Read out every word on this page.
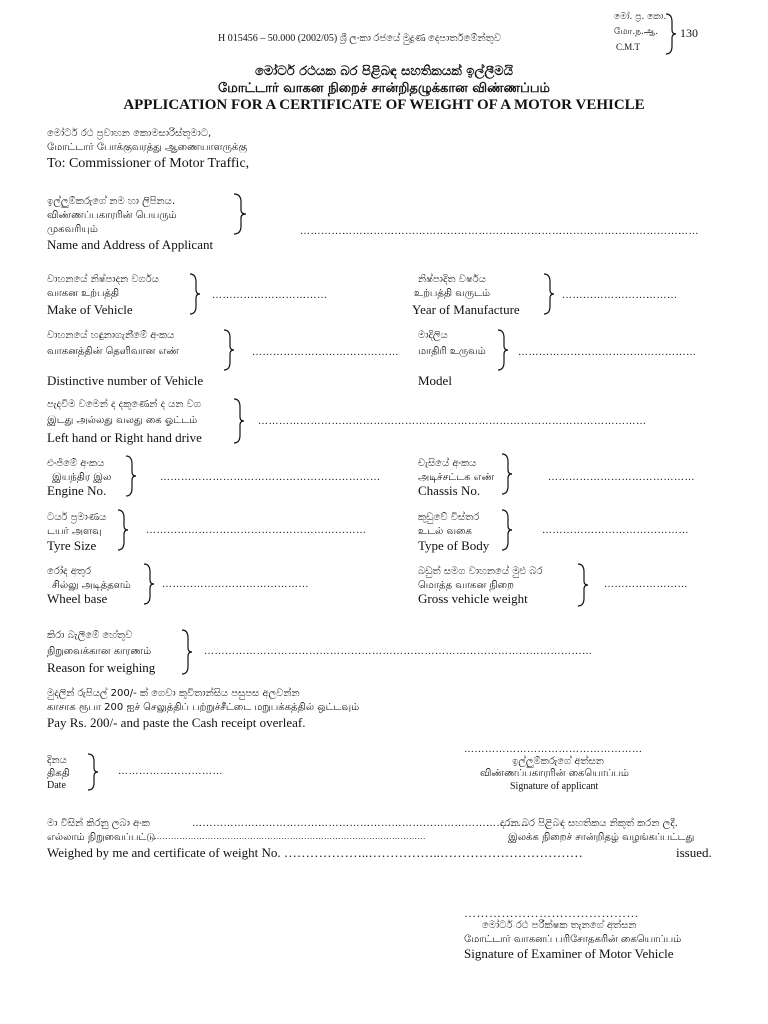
H 015456 – 50.000 (2002/05) ශ්‍රී ලංකා රජයේ මුද්‍රණ දෙපාර්තමේන්තුව
මෝ. ප්‍ර. කො.
மோ.ந.ஆ.
C.M.T
130
මෝටර් රථයක බර පිළිබඳ සහතිකයක් ඉල්ලීමයි
மோட்டார் வாகன நிறைச் சான்றிதழுக்கான விண்ணப்பம்
APPLICATION FOR A CERTIFICATE OF WEIGHT OF A MOTOR VEHICLE
මෝටර් රථ ප්‍රවාහන කොමසාරිස්තුමාට,
மோட்டார் போக்குவரத்து ஆணையாளருக்கு
To: Commissioner of Motor Traffic,
ඉල්ලුම්කරුගේ නම හා ලිපිනය.
விண்ணப்பகாரரின் பெயரும்
முகவரியும்
Name and Address of Applicant
……………………………………………………………………………………………………
වාහනයේ නිෂ්පාදන වර්ගය
வாகன உற்பத்தி
Make of Vehicle
……………………………
නිෂ්පාදිත වර්ෂය
உற்பத்தி வருடம்
Year of Manufacture
……………………………
වාහනයේ හඳුනාගැනීමේ අංකය
வாகனத்தின் தெளிவான எண்
Distinctive number of Vehicle
……………………………………
මාදිලිය
மாதிரி உருவம்
Model
……………………………………………
පැදවීම වමෙන් ද දකුණෙන් ද යන වග
இடது அல்லது வலது கை ஓட்டம்
Left hand or Right hand drive
…………………………………………………………………………………………………
එංජිමේ අංකය
இயந்திர இல
Engine No.
………………………………………………………
චැසියේ අංකය
அடிச்சட்டக எண்
Chassis No.
……………………………………
ටයර් ප්‍රමාණය
டயர் அளவு
Tyre Size
………………………………………………………
කුඩුවේ විස්තර
உடல் வகை
Type of Body
……………………………………
රෝද අතුර
சில்லு அடித்தளம்
Wheel base
……………………………………
බඩුත් සමග වාහනයේ මුළු බර
மொத்த வாகன நிறை
Gross vehicle weight
……………………
කිරා බැලීමේ හේතුව
நிறுவைக்கான காரணம்
Reason for weighing
…………………………………………………………………………………………………
මුදලින් රුපියල් 200/- ක් ගෙවා කුවිතාන්සිය පසුපස අලවන්න
காசாக ரூபா 200 ஐச் செலுத்திப் பற்றுச்சீட்டை மறுபக்கத்தில் ஒட்டவும்
Pay Rs. 200/- and paste the Cash receipt overleaf.
දිනය
திகதி
Date
…………………………
……………………………………………
ඉල්ලුම්කරුගේ අත්සන
விண்ணப்பகாரரின் கையொப்பம்
Signature of applicant
මා විසින් කිරනු ලබා අංක	……………………………………………………………………………………
දරන බර පිළිබඳ සහතිකය නිකුත් කරන ලදී.
எல்லாம் நிறுவைப்பட்டு
……………………………………………………………………………………	இலக்க நிறைச் சான்றிதழ் வழங்கப்பட்டது
Weighed by me and certificate of weight No. ………………..……………..……………………………	issued.
……………………………………
මෝටර් රථ පරීක්ෂක තැනගේ අත්සන
மோட்டார் வாகனப் பரிசோதகரின் கையொப்பம்
Signature of Examiner of Motor Vehicle
